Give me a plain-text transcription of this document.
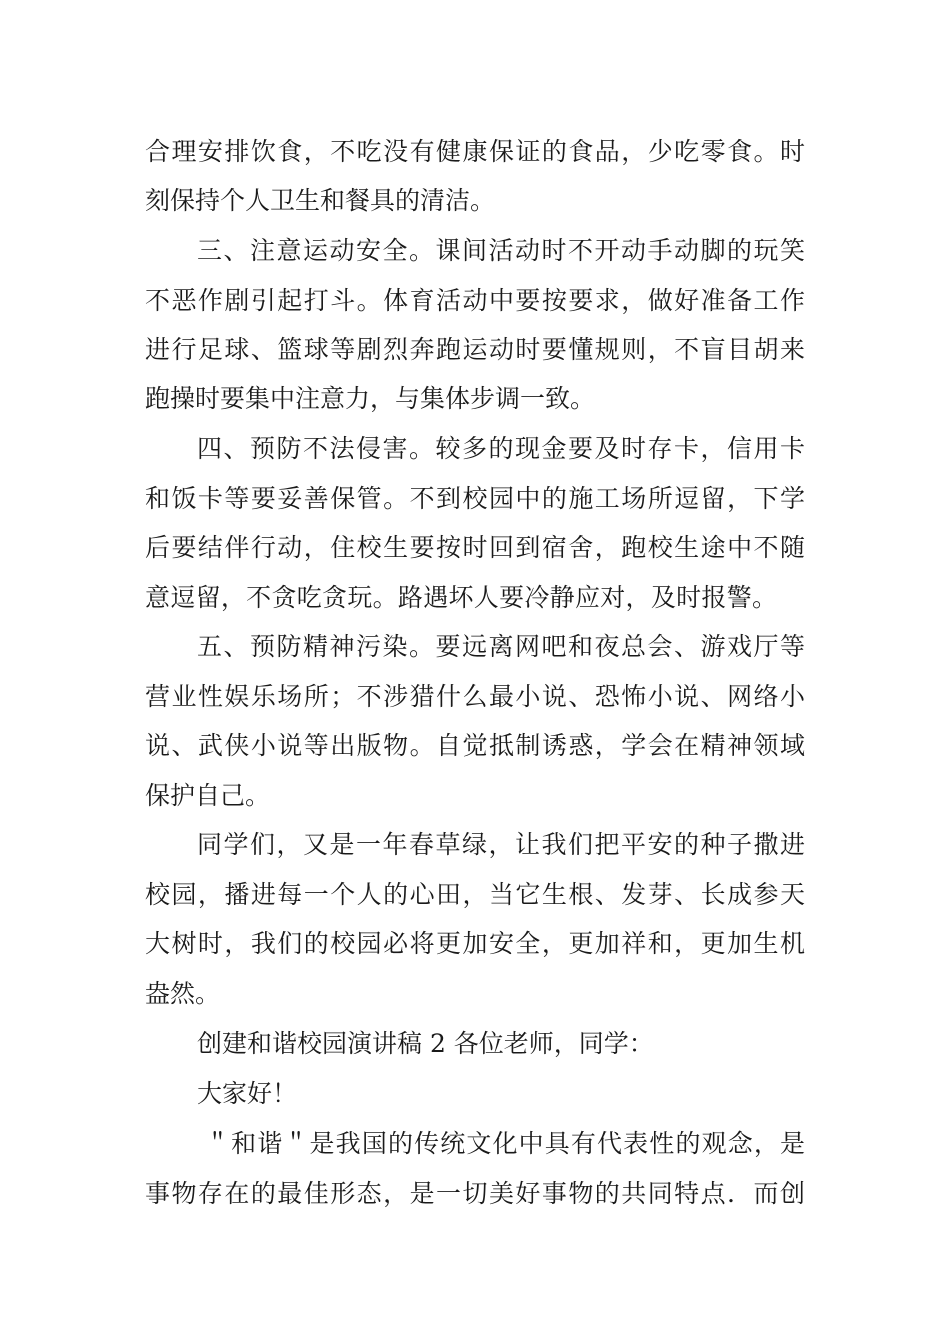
合理安排饮食，不吃没有健康保证的食品，少吃零食。时
刻保持个人卫生和餐具的清洁。
三、注意运动安全。课间活动时不开动手动脚的玩笑
不恶作剧引起打斗。体育活动中要按要求，做好准备工作
进行足球、篮球等剧烈奔跑运动时要懂规则，不盲目胡来
跑操时要集中注意力，与集体步调一致。
四、预防不法侵害。较多的现金要及时存卡，信用卡
和饭卡等要妥善保管。不到校园中的施工场所逗留，下学
后要结伴行动，住校生要按时回到宿舍，跑校生途中不随
意逗留，不贪吃贪玩。路遇坏人要冷静应对，及时报警。
五、预防精神污染。要远离网吧和夜总会、游戏厅等
营业性娱乐场所；不涉猎什么最小说、恐怖小说、网络小
说、武侠小说等出版物。自觉抵制诱惑，学会在精神领域
保护自己。
同学们，又是一年春草绿，让我们把平安的种子撒进
校园，播进每一个人的心田，当它生根、发芽、长成参天
大树时，我们的校园必将更加安全，更加祥和，更加生机
盎然。
创建和谐校园演讲稿 2 各位老师，同学：
大家好！
＂和谐＂是我国的传统文化中具有代表性的观念，是
事物存在的最佳形态，是一切美好事物的共同特点．而创
